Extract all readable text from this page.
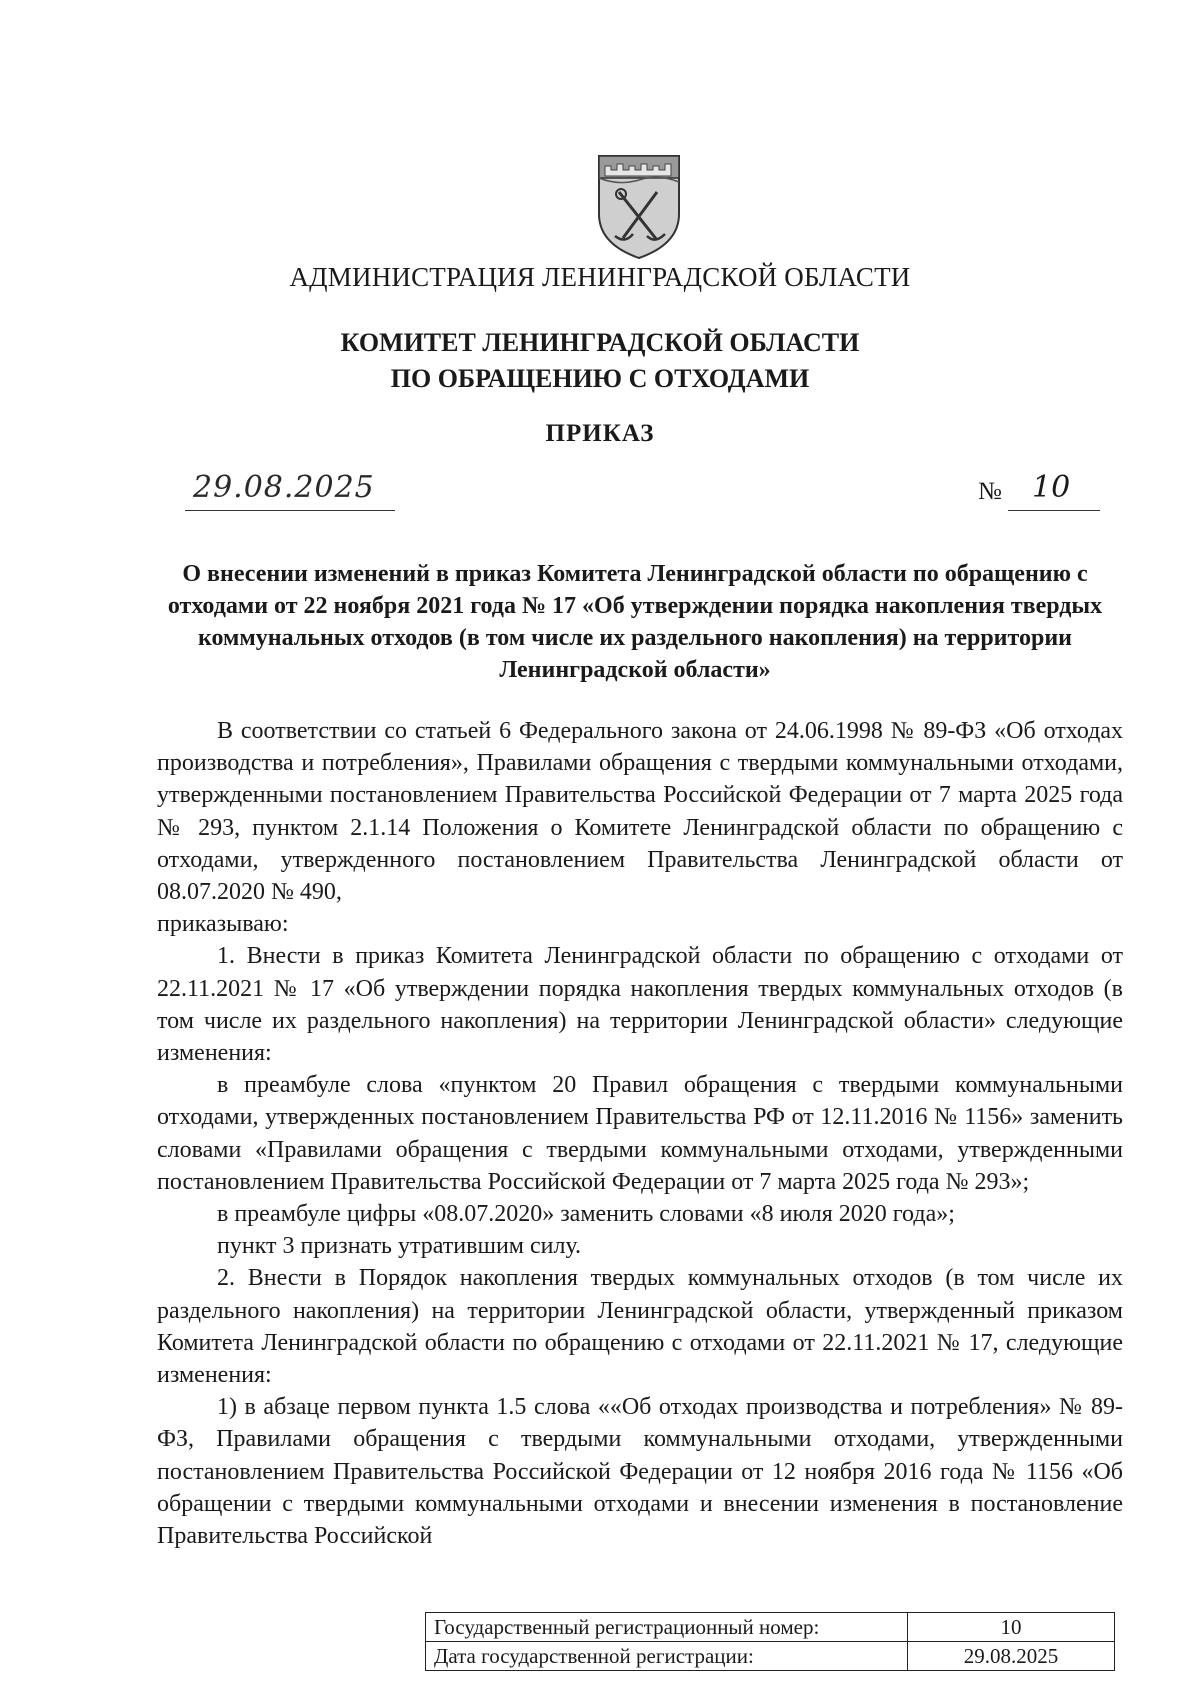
АДМИНИСТРАЦИЯ ЛЕНИНГРАДСКОЙ ОБЛАСТИ
КОМИТЕТ ЛЕНИНГРАДСКОЙ ОБЛАСТИ
ПО ОБРАЩЕНИЮ С ОТХОДАМИ
ПРИКАЗ
29.08.2025	№ 10
О внесении изменений в приказ Комитета Ленинградской области по обращению с отходами от 22 ноября 2021 года № 17 «Об утверждении порядка накопления твердых коммунальных отходов (в том числе их раздельного накопления) на территории Ленинградской области»

В соответствии со статьей 6 Федерального закона от 24.06.1998 № 89-ФЗ «Об отходах производства и потребления», Правилами обращения с твердыми коммунальными отходами, утвержденными постановлением Правительства Российской Федерации от 7 марта 2025 года № 293, пунктом 2.1.14 Положения о Комитете Ленинградской области по обращению с отходами, утвержденного постановлением Правительства Ленинградской области от 08.07.2020 № 490,

приказываю:

1. Внести в приказ Комитета Ленинградской области по обращению с отходами от 22.11.2021 № 17 «Об утверждении порядка накопления твердых коммунальных отходов (в том числе их раздельного накопления) на территории Ленинградской области» следующие изменения:

в преамбуле слова «пунктом 20 Правил обращения с твердыми коммунальными отходами, утвержденных постановлением Правительства РФ от 12.11.2016 № 1156» заменить словами «Правилами обращения с твердыми коммунальными отходами, утвержденными постановлением Правительства Российской Федерации от 7 марта 2025 года № 293»;

в преамбуле цифры «08.07.2020» заменить словами «8 июля 2020 года»;

пункт 3 признать утратившим силу.

2. Внести в Порядок накопления твердых коммунальных отходов (в том числе их раздельного накопления) на территории Ленинградской области, утвержденный приказом Комитета Ленинградской области по обращению с отходами от 22.11.2021 № 17, следующие изменения:

1) в абзаце первом пункта 1.5 слова ««Об отходах производства и потребления» № 89-ФЗ, Правилами обращения с твердыми коммунальными отходами, утвержденными постановлением Правительства Российской Федерации от 12 ноября 2016 года № 1156 «Об обращении с твердыми коммунальными отходами и внесении изменения в постановление Правительства Российской

Государственный регистрационный номер:	10
Дата государственной регистрации:	29.08.2025
